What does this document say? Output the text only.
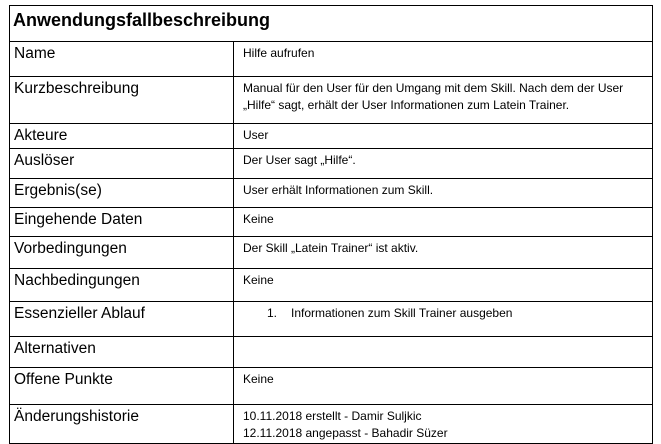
Anwendungsfallbeschreibung	
Name	Hilfe aufrufen
Kurzbeschreibung	Manual für den User für den Umgang mit dem Skill. Nach dem der User „Hilfe“ sagt, erhält der User Informationen zum Latein Trainer.
Akteure	User
Auslöser	Der User sagt „Hilfe“.
Ergebnis(se)	User erhält Informationen zum Skill.
Eingehende Daten	Keine
Vorbedingungen	Der Skill „Latein Trainer“ ist aktiv.
Nachbedingungen	Keine
Essenzieller Ablauf	1. Informationen zum Skill Trainer ausgeben

Alternativen	
Offene Punkte	Keine
Änderungshistorie	10.11.2018 erstellt - Damir Suljkic
12.11.2018 angepasst - Bahadir Süzer
